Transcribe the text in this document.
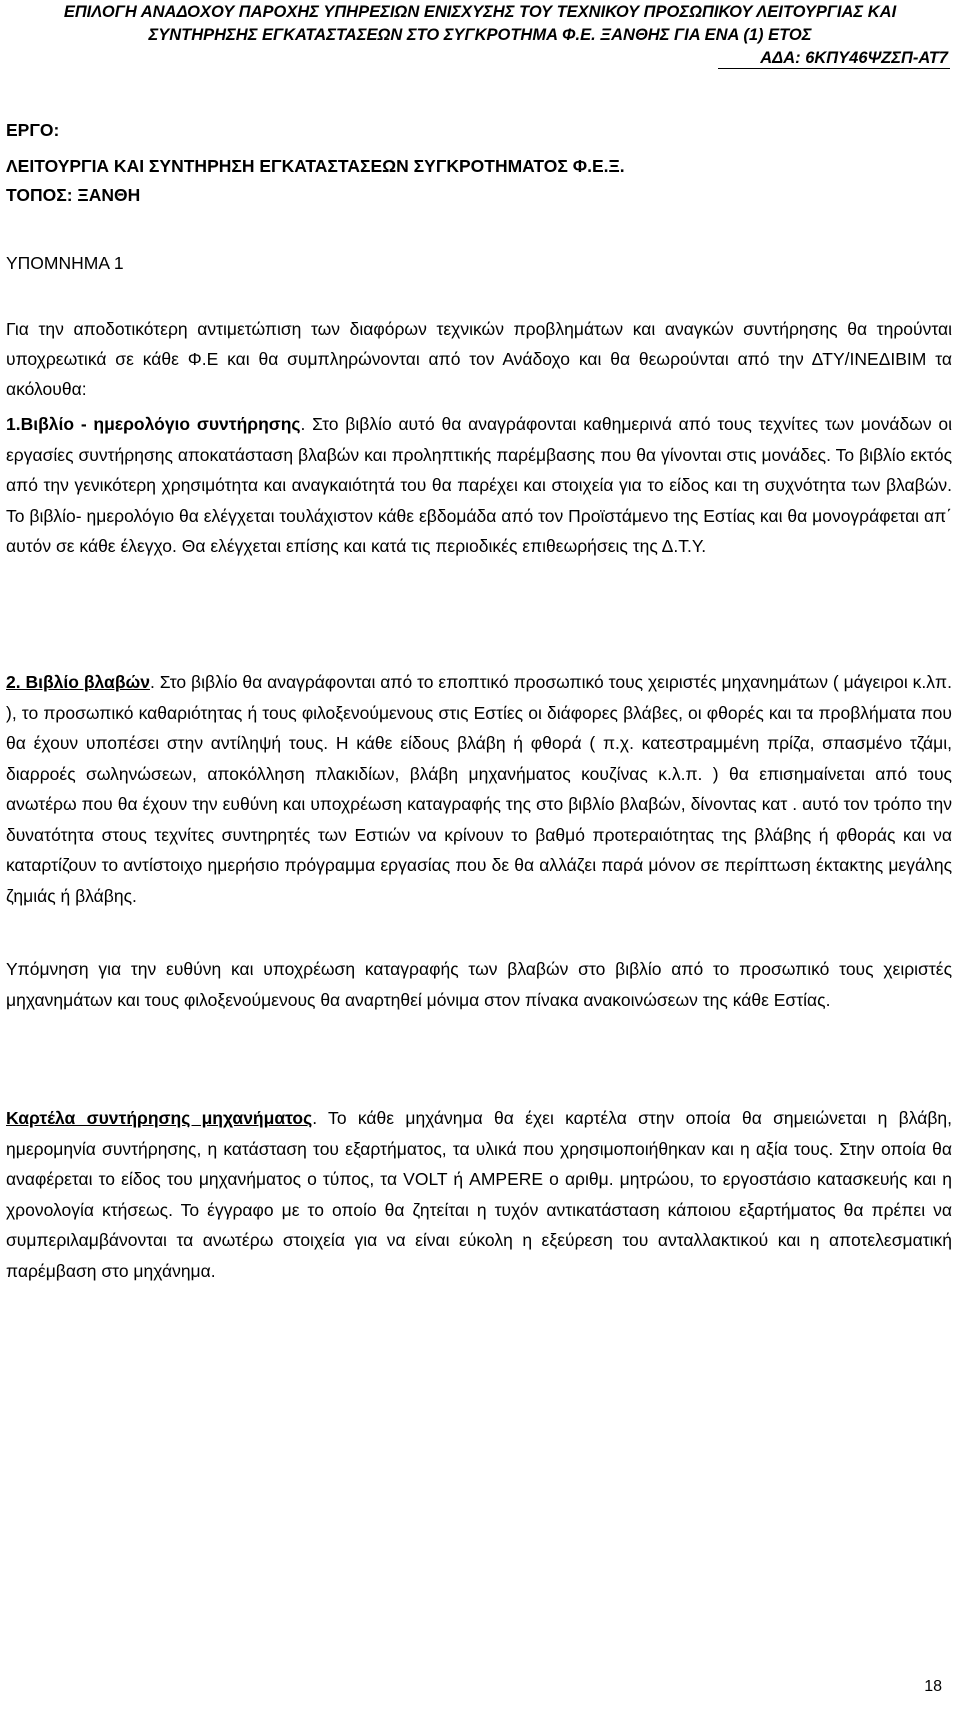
ΕΠΙΛΟΓΗ ΑΝΑΔΟΧΟΥ ΠΑΡΟΧΗΣ ΥΠΗΡΕΣΙΩΝ ΕΝΙΣΧΥΣΗΣ ΤΟΥ ΤΕΧΝΙΚΟΥ ΠΡΟΣΩΠΙΚΟΥ ΛΕΙΤΟΥΡΓΙΑΣ ΚΑΙ
ΣΥΝΤΗΡΗΣΗΣ ΕΓΚΑΤΑΣΤΑΣΕΩΝ ΣΤΟ ΣΥΓΚΡΟΤΗΜΑ Φ.Ε. ΞΑΝΘΗΣ ΓΙΑ ΕΝΑ (1) ΕΤΟΣ
ΑΔΑ: 6ΚΠΥ46ΨΖΣΠ-ΑΤ7
ΕΡΓΟ:
ΛΕΙΤΟΥΡΓΙΑ ΚΑΙ ΣΥΝΤΗΡΗΣΗ ΕΓΚΑΤΑΣΤΑΣΕΩΝ ΣΥΓΚΡΟΤΗΜΑΤΟΣ Φ.Ε.Ξ.
ΤΟΠΟΣ: ΞΑΝΘΗ
ΥΠΟΜΝΗΜΑ 1
Για την αποδοτικότερη αντιμετώπιση των διαφόρων τεχνικών προβλημάτων και αναγκών συντήρησης θα τηρούνται υποχρεωτικά σε κάθε Φ.Ε και θα συμπληρώνονται από τον Ανάδοχο και θα θεωρούνται από την ΔΤΥ/ΙΝΕΔΙΒΙΜ τα ακόλουθα:
1.Βιβλίο - ημερολόγιο συντήρησης. Στο βιβλίο αυτό θα αναγράφονται καθημερινά από τους τεχνίτες των μονάδων οι εργασίες συντήρησης αποκατάσταση βλαβών και προληπτικής παρέμβασης που θα γίνονται στις μονάδες. Το βιβλίο εκτός από την γενικότερη χρησιμότητα και αναγκαιότητά του θα παρέχει και στοιχεία για το είδος και τη συχνότητα των βλαβών. Το βιβλίο- ημερολόγιο θα ελέγχεται τουλάχιστον κάθε εβδομάδα από τον Προϊστάμενο της Εστίας και θα μονογράφεται απ΄ αυτόν σε κάθε έλεγχο. Θα ελέγχεται επίσης και κατά τις περιοδικές επιθεωρήσεις της Δ.Τ.Υ.
2. Βιβλίο βλαβών. Στο βιβλίο θα αναγράφονται από το εποπτικό προσωπικό τους χειριστές μηχανημάτων ( μάγειροι κ.λπ. ), το προσωπικό καθαριότητας ή τους φιλοξενούμενους στις Εστίες οι διάφορες βλάβες, οι φθορές και τα προβλήματα που θα έχουν υποπέσει στην αντίληψή τους. Η κάθε είδους βλάβη ή φθορά ( π.χ. κατεστραμμένη πρίζα, σπασμένο τζάμι, διαρροές σωληνώσεων, αποκόλληση πλακιδίων, βλάβη μηχανήματος κουζίνας κ.λ.π. ) θα επισημαίνεται από τους ανωτέρω που θα έχουν την ευθύνη και υποχρέωση καταγραφής της στο βιβλίο βλαβών, δίνοντας κατ . αυτό τον τρόπο την δυνατότητα στους τεχνίτες συντηρητές των Εστιών να κρίνουν το βαθμό προτεραιότητας της βλάβης ή φθοράς και να καταρτίζουν το αντίστοιχο ημερήσιο πρόγραμμα εργασίας που δε θα αλλάζει παρά μόνον σε περίπτωση έκτακτης μεγάλης ζημιάς ή βλάβης.
Υπόμνηση για την ευθύνη και υποχρέωση καταγραφής των βλαβών στο βιβλίο από το προσωπικό τους χειριστές μηχανημάτων και τους φιλοξενούμενους θα αναρτηθεί μόνιμα στον πίνακα ανακοινώσεων της κάθε Εστίας.
Καρτέλα συντήρησης μηχανήματος. Το κάθε μηχάνημα θα έχει καρτέλα στην οποία θα σημειώνεται η βλάβη, ημερομηνία συντήρησης, η κατάσταση του εξαρτήματος, τα υλικά που χρησιμοποιήθηκαν και η αξία τους. Στην οποία θα αναφέρεται το είδος του μηχανήματος ο τύπος, τα VOLT ή AMPERE ο αριθμ. μητρώου, το εργοστάσιο κατασκευής και η χρονολογία κτήσεως. Το έγγραφο με το οποίο θα ζητείται η τυχόν αντικατάσταση κάποιου εξαρτήματος θα πρέπει να συμπεριλαμβάνονται τα ανωτέρω στοιχεία για να είναι εύκολη η εξεύρεση του ανταλλακτικού και η αποτελεσματική παρέμβαση στο μηχάνημα.
18
